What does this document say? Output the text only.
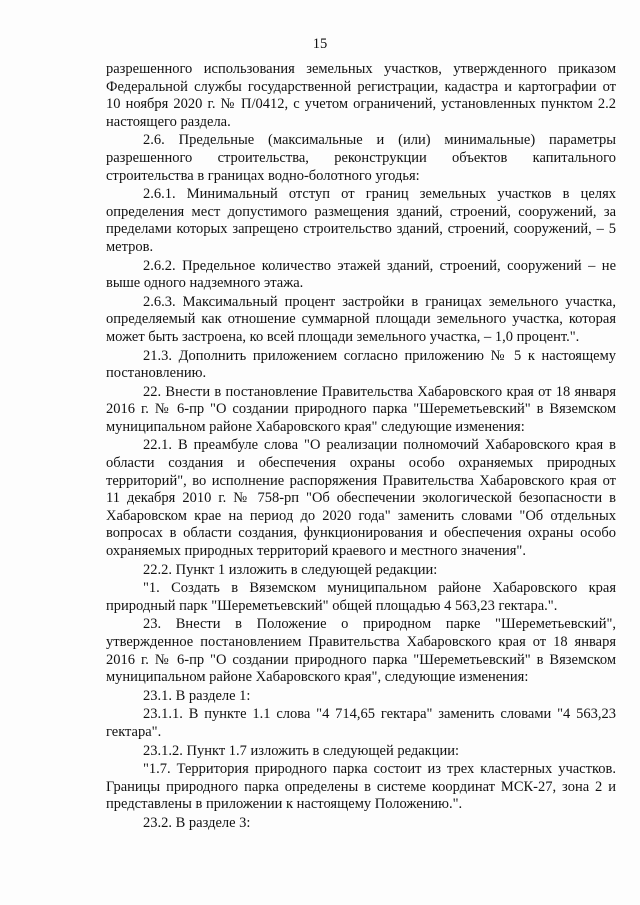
15

разрешенного использования земельных участков, утвержденного приказом Федеральной службы государственной регистрации, кадастра и картографии от 10 ноября 2020 г. № П/0412, с учетом ограничений, установленных пунктом 2.2 настоящего раздела.

2.6. Предельные (максимальные и (или) минимальные) параметры разрешенного строительства, реконструкции объектов капитального строительства в границах водно-болотного угодья:

2.6.1. Минимальный отступ от границ земельных участков в целях определения мест допустимого размещения зданий, строений, сооружений, за пределами которых запрещено строительство зданий, строений, сооружений, – 5 метров.

2.6.2. Предельное количество этажей зданий, строений, сооружений – не выше одного надземного этажа.

2.6.3. Максимальный процент застройки в границах земельного участка, определяемый как отношение суммарной площади земельного участка, которая может быть застроена, ко всей площади земельного участка, – 1,0 процент.".

21.3. Дополнить приложением согласно приложению № 5 к настоящему постановлению.

22. Внести в постановление Правительства Хабаровского края от 18 января 2016 г. № 6-пр "О создании природного парка "Шереметьевский" в Вяземском муниципальном районе Хабаровского края" следующие изменения:

22.1. В преамбуле слова "О реализации полномочий Хабаровского края в области создания и обеспечения охраны особо охраняемых природных территорий", во исполнение распоряжения Правительства Хабаровского края от 11 декабря 2010 г. № 758-рп "Об обеспечении экологической безопасности в Хабаровском крае на период до 2020 года" заменить словами "Об отдельных вопросах в области создания, функционирования и обеспечения охраны особо охраняемых природных территорий краевого и местного значения".

22.2. Пункт 1 изложить в следующей редакции:

"1. Создать в Вяземском муниципальном районе Хабаровского края природный парк "Шереметьевский" общей площадью 4 563,23 гектара.".

23. Внести в Положение о природном парке "Шереметьевский", утвержденное постановлением Правительства Хабаровского края от 18 января 2016 г. № 6-пр "О создании природного парка "Шереметьевский" в Вяземском муниципальном районе Хабаровского края", следующие изменения:

23.1. В разделе 1:

23.1.1. В пункте 1.1 слова "4 714,65 гектара" заменить словами "4 563,23 гектара".

23.1.2. Пункт 1.7 изложить в следующей редакции:

"1.7. Территория природного парка состоит из трех кластерных участков. Границы природного парка определены в системе координат МСК-27, зона 2 и представлены в приложении к настоящему Положению.".

23.2. В разделе 3:
